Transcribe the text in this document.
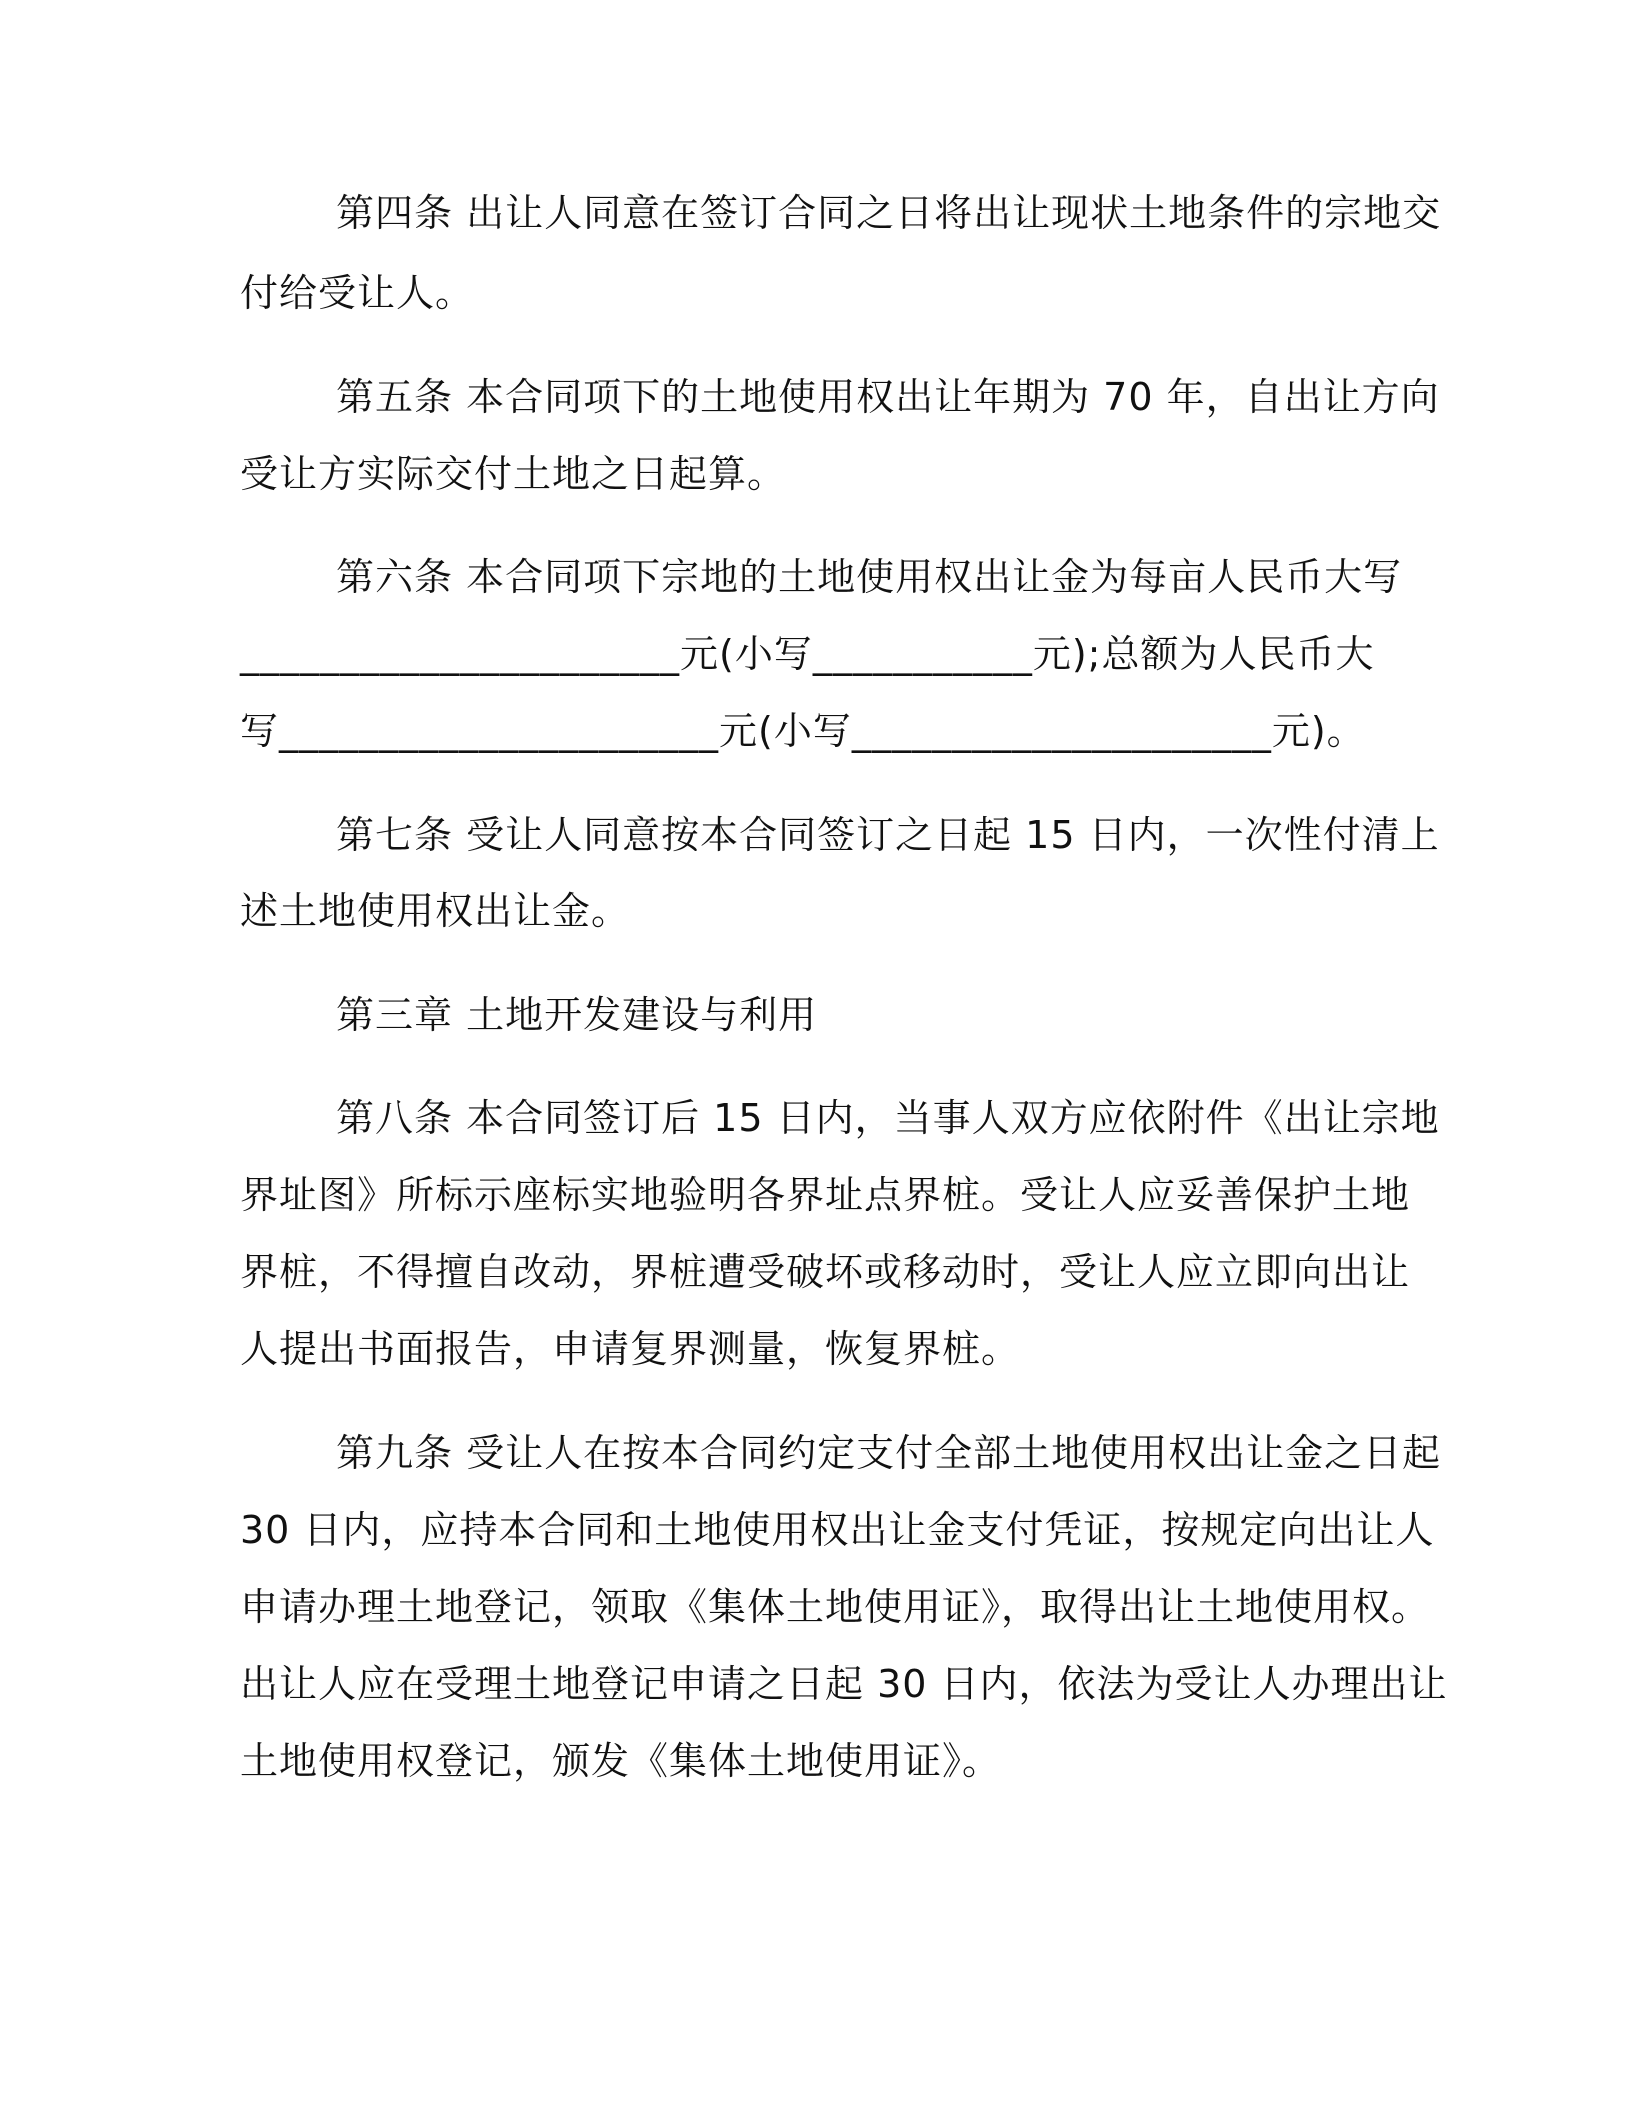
第四条 出让人同意在签订合同之日将出让现状土地条件的宗地交
付给受让人。
第五条 本合同项下的土地使用权出让年期为 70 年，自出让方向
受让方实际交付土地之日起算。
第六条 本合同项下宗地的土地使用权出让金为每亩人民币大写
______________________元(小写___________元);总额为人民币大
写______________________元(小写_____________________元)。
第七条 受让人同意按本合同签订之日起 15 日内，一次性付清上
述土地使用权出让金。
第三章 土地开发建设与利用
第八条 本合同签订后 15 日内，当事人双方应依附件《出让宗地
界址图》所标示座标实地验明各界址点界桩。受让人应妥善保护土地
界桩，不得擅自改动，界桩遭受破坏或移动时，受让人应立即向出让
人提出书面报告，申请复界测量，恢复界桩。
第九条 受让人在按本合同约定支付全部土地使用权出让金之日起
30 日内，应持本合同和土地使用权出让金支付凭证，按规定向出让人
申请办理土地登记，领取《集体土地使用证》，取得出让土地使用权。
出让人应在受理土地登记申请之日起 30 日内，依法为受让人办理出让
土地使用权登记，颁发《集体土地使用证》。
